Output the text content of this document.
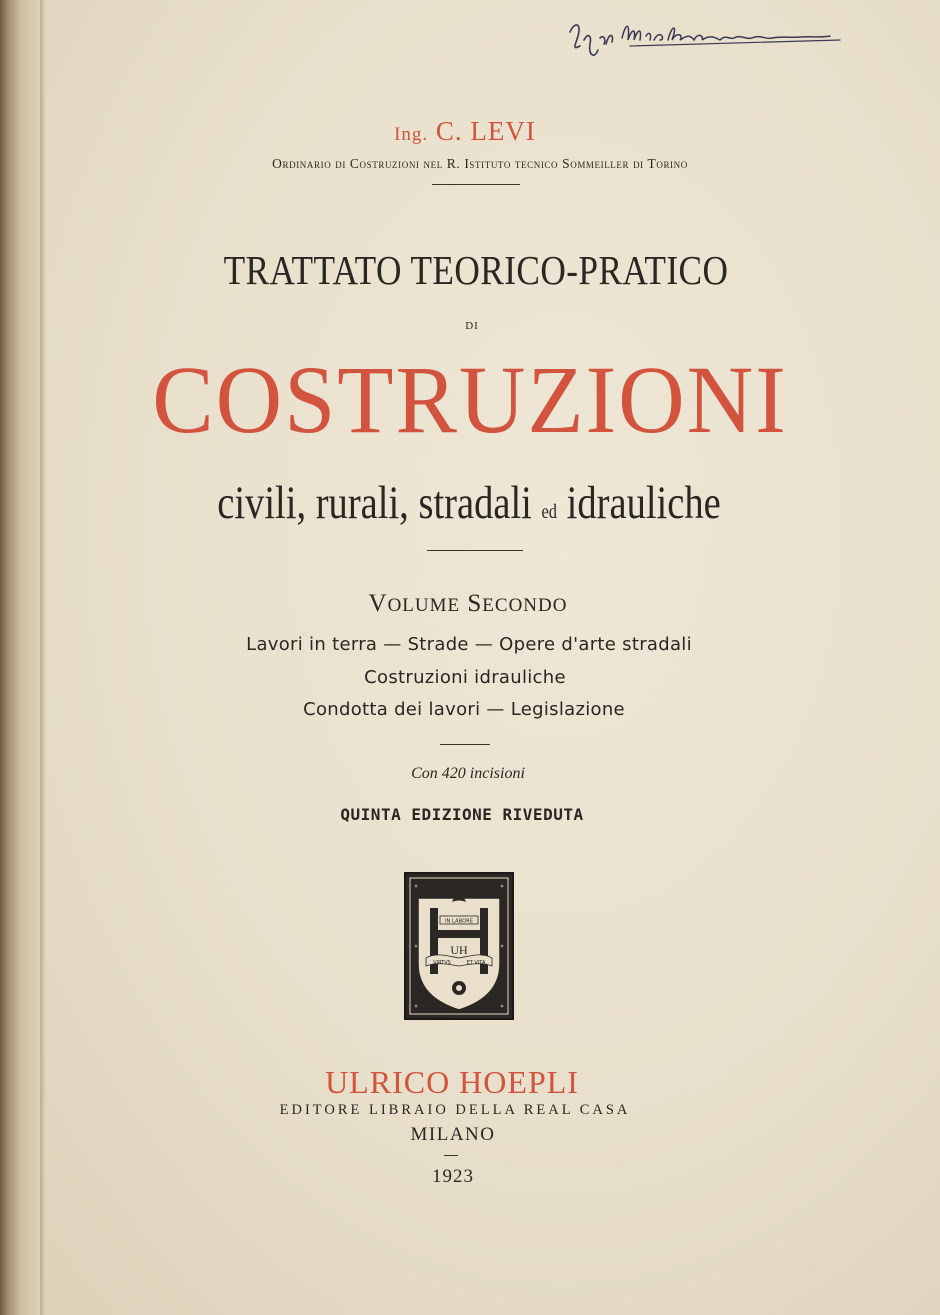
Ing. C. LEVI
Ordinario di Costruzioni nel R. Istituto tecnico Sommeiller di Torino
TRATTATO TEORICO-PRATICO
DI
COSTRUZIONI
civili, rurali, stradali ed idrauliche
VOLUME SECONDO
Lavori in terra — Strade — Opere d'arte stradali
Costruzioni idrauliche
Condotta dei lavori — Legislazione
Con 420 incisioni
QUINTA EDIZIONE RIVEDUTA
IN LABORE
VIRTVS	ET VITA
UH
ULRICO HOEPLI
EDITORE LIBRAIO DELLA REAL CASA
MILANO
1923
